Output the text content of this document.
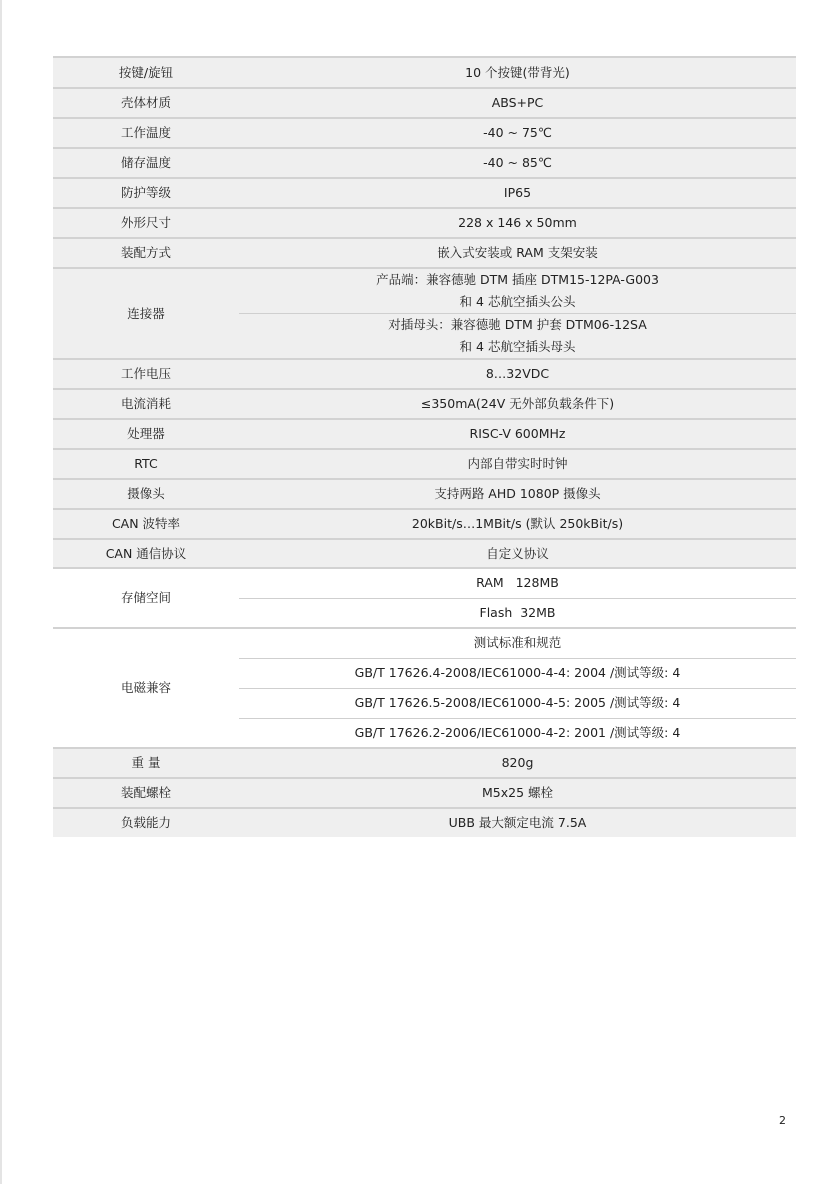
按键/旋钮	10 个按键(带背光)
壳体材质	ABS+PC
工作温度	-40 ~ 75℃
储存温度	-40 ~ 85℃
防护等级	IP65
外形尺寸	228 x 146 x 50mm
装配方式	嵌入式安装或 RAM 支架安装
连接器	产品端：兼容德驰 DTM 插座 DTM15-12PA-G003
和 4 芯航空插头公头

	对插母头：兼容德驰 DTM 护套 DTM06-12SA
和 4 芯航空插头母头

工作电压	8…32VDC
电流消耗	≤350mA(24V 无外部负载条件下)
处理器	RISC-V 600MHz
RTC	内部自带实时时钟
摄像头	支持两路 AHD 1080P 摄像头
CAN 波特率	20kBit/s…1MBit/s (默认 250kBit/s)
CAN 通信协议	自定义协议
存储空间	RAM   128MB
	Flash  32MB
电磁兼容	测试标准和规范
	GB/T 17626.4-2008/IEC61000-4-4: 2004 /测试等级: 4
	GB/T 17626.5-2008/IEC61000-4-5: 2005 /测试等级: 4
	GB/T 17626.2-2006/IEC61000-4-2: 2001 /测试等级: 4
重 量	820g
装配螺栓	M5x25 螺栓
负载能力	UBB 最大额定电流 7.5A
2
